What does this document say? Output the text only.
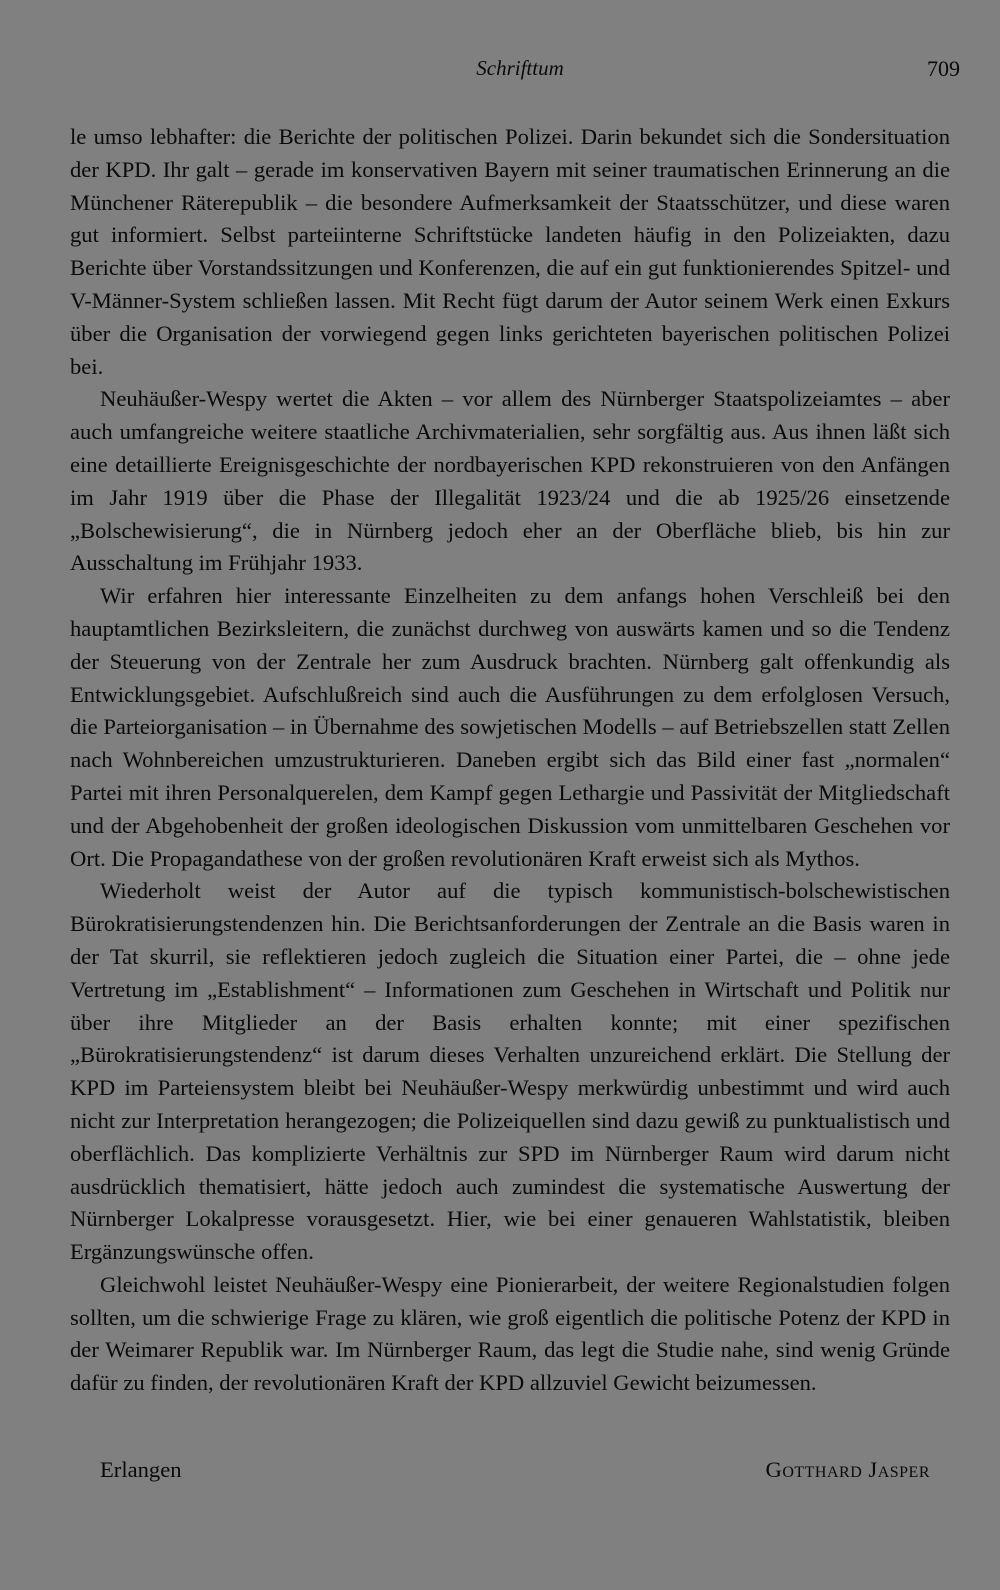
Schrifttum	709

le umso lebhafter: die Berichte der politischen Polizei. Darin bekundet sich die Sondersituation der KPD. Ihr galt – gerade im konservativen Bayern mit seiner traumatischen Erinnerung an die Münchener Räterepublik – die besondere Aufmerksamkeit der Staatsschützer, und diese waren gut informiert. Selbst parteiinterne Schriftstücke landeten häufig in den Polizeiakten, dazu Berichte über Vorstandssitzungen und Konferenzen, die auf ein gut funktionierendes Spitzel- und V-Männer-System schließen lassen. Mit Recht fügt darum der Autor seinem Werk einen Exkurs über die Organisation der vorwiegend gegen links gerichteten bayerischen politischen Polizei bei.

Neuhäußer-Wespy wertet die Akten – vor allem des Nürnberger Staatspolizeiamtes – aber auch umfangreiche weitere staatliche Archivmaterialien, sehr sorgfältig aus. Aus ihnen läßt sich eine detaillierte Ereignisgeschichte der nordbayerischen KPD rekonstruieren von den Anfängen im Jahr 1919 über die Phase der Illegalität 1923/24 und die ab 1925/26 einsetzende „Bolschewisierung“, die in Nürnberg jedoch eher an der Oberfläche blieb, bis hin zur Ausschaltung im Frühjahr 1933.

Wir erfahren hier interessante Einzelheiten zu dem anfangs hohen Verschleiß bei den hauptamtlichen Bezirksleitern, die zunächst durchweg von auswärts kamen und so die Tendenz der Steuerung von der Zentrale her zum Ausdruck brachten. Nürnberg galt offenkundig als Entwicklungsgebiet. Aufschlußreich sind auch die Ausführungen zu dem erfolglosen Versuch, die Parteiorganisation – in Übernahme des sowjetischen Modells – auf Betriebszellen statt Zellen nach Wohnbereichen umzustrukturieren. Daneben ergibt sich das Bild einer fast „normalen“ Partei mit ihren Personalquerelen, dem Kampf gegen Lethargie und Passivität der Mitgliedschaft und der Abgehobenheit der großen ideologischen Diskussion vom unmittelbaren Geschehen vor Ort. Die Propagandathese von der großen revolutionären Kraft erweist sich als Mythos.

Wiederholt weist der Autor auf die typisch kommunistisch-bolschewistischen Bürokratisierungstendenzen hin. Die Berichtsanforderungen der Zentrale an die Basis waren in der Tat skurril, sie reflektieren jedoch zugleich die Situation einer Partei, die – ohne jede Vertretung im „Establishment“ – Informationen zum Geschehen in Wirtschaft und Politik nur über ihre Mitglieder an der Basis erhalten konnte; mit einer spezifischen „Bürokratisierungstendenz“ ist darum dieses Verhalten unzureichend erklärt. Die Stellung der KPD im Parteiensystem bleibt bei Neuhäußer-Wespy merkwürdig unbestimmt und wird auch nicht zur Interpretation herangezogen; die Polizeiquellen sind dazu gewiß zu punktualistisch und oberflächlich. Das komplizierte Verhältnis zur SPD im Nürnberger Raum wird darum nicht ausdrücklich thematisiert, hätte jedoch auch zumindest die systematische Auswertung der Nürnberger Lokalpresse vorausgesetzt. Hier, wie bei einer genaueren Wahlstatistik, bleiben Ergänzungswünsche offen.

Gleichwohl leistet Neuhäußer-Wespy eine Pionierarbeit, der weitere Regionalstudien folgen sollten, um die schwierige Frage zu klären, wie groß eigentlich die politische Potenz der KPD in der Weimarer Republik war. Im Nürnberger Raum, das legt die Studie nahe, sind wenig Gründe dafür zu finden, der revolutionären Kraft der KPD allzuviel Gewicht beizumessen.

Erlangen	Gotthard Jasper
